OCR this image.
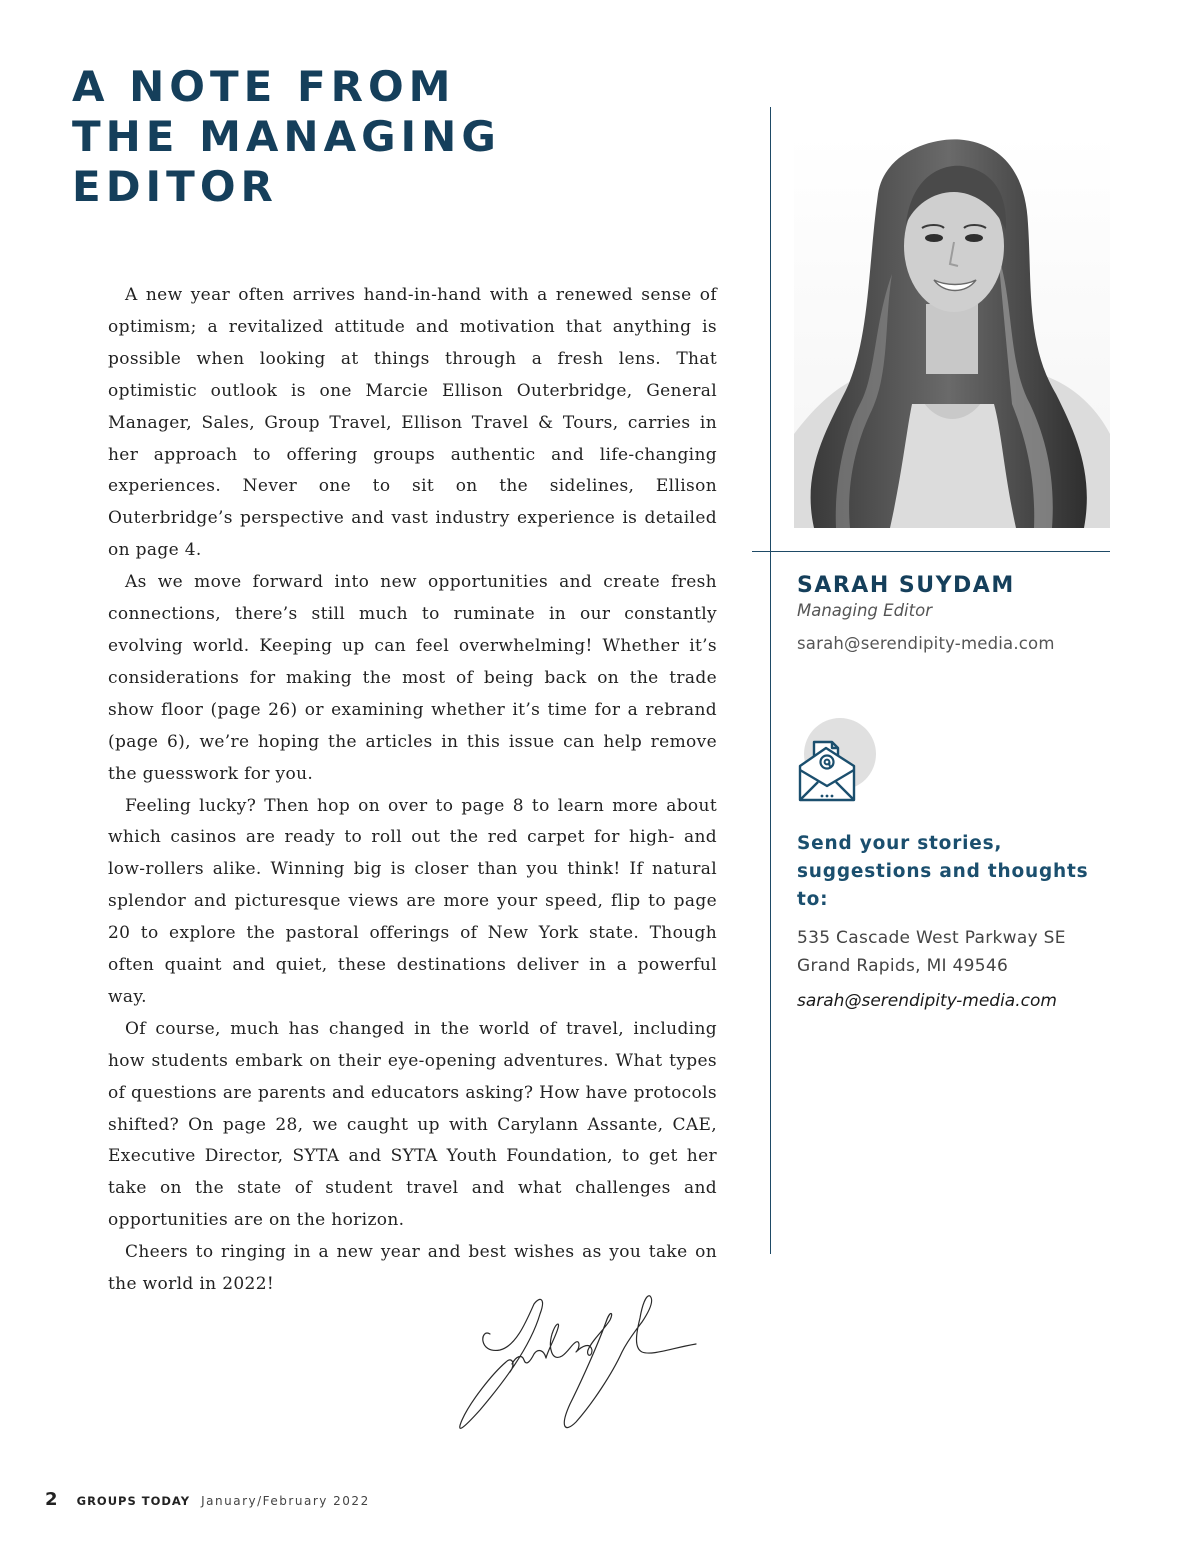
A NOTE FROM
THE MANAGING
EDITOR

A new year often arrives hand-in-hand with a renewed sense of optimism; a revitalized attitude and motivation that anything is possible when looking at things through a fresh lens. That optimistic outlook is one Marcie Ellison Outerbridge, General Manager, Sales, Group Travel, Ellison Travel & Tours, carries in her approach to offering groups authentic and life-changing experiences. Never one to sit on the sidelines, Ellison Outerbridge’s perspective and vast industry experience is detailed on page 4.

As we move forward into new opportunities and create fresh connections, there’s still much to ruminate in our constantly evolving world. Keeping up can feel overwhelming! Whether it’s considerations for making the most of being back on the trade show floor (page 26) or examining whether it’s time for a rebrand (page 6), we’re hoping the articles in this issue can help remove the guesswork for you.

Feeling lucky? Then hop on over to page 8 to learn more about which casinos are ready to roll out the red carpet for high- and low-rollers alike. Winning big is closer than you think! If natural splendor and picturesque views are more your speed, flip to page 20 to explore the pastoral offerings of New York state. Though often quaint and quiet, these destinations deliver in a powerful way.

Of course, much has changed in the world of travel, including how students embark on their eye-opening adventures. What types of questions are parents and educators asking? How have protocols shifted? On page 28, we caught up with Carylann Assante, CAE, Executive Director, SYTA and SYTA Youth Foundation, to get her take on the state of student travel and what challenges and opportunities are on the horizon.

Cheers to ringing in a new year and best wishes as you take on the world in 2022!

SARAH SUYDAM
Managing Editor
sarah@serendipity-media.com
Send your stories, suggestions and thoughts to:
535 Cascade West Parkway SE
Grand Rapids, MI 49546
sarah@serendipity-media.com
2 GROUPS TODAY January/February 2022
